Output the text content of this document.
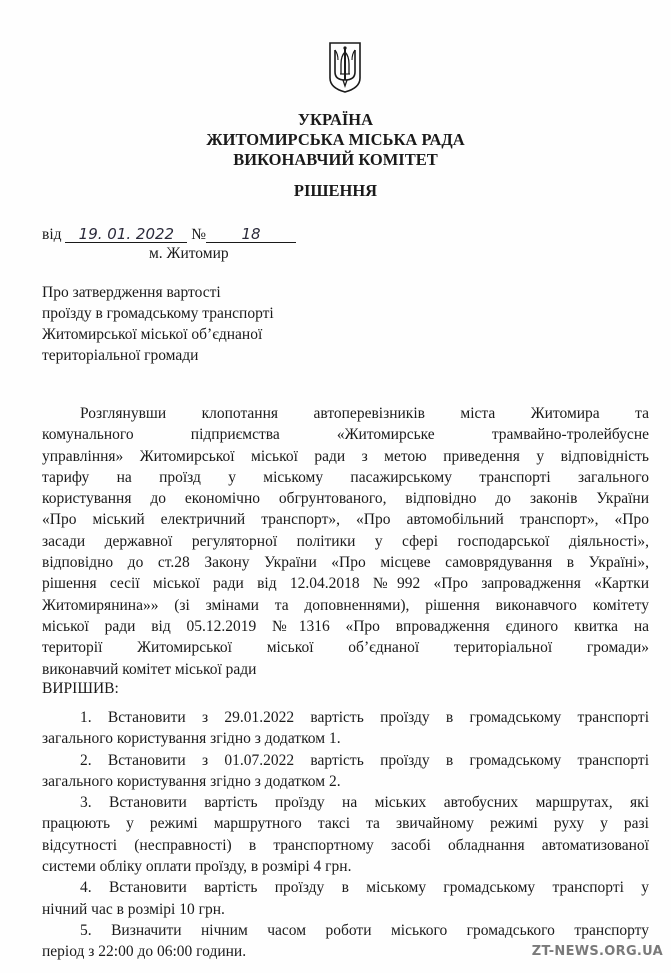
УКРАЇНА
ЖИТОМИРСЬКА МІСЬКА РАДА
ВИКОНАВЧИЙ КОМІТЕТ
РІШЕННЯ
від 19. 01. 2022 № 18
м. Житомир
Про затвердження вартості
проїзду в громадському транспорті
Житомирської міської об’єднаної
територіальної громади
Розглянувши клопотання автоперевізників міста Житомира та
комунального підприємства «Житомирське трамвайно-тролейбусне
управління» Житомирської міської ради з метою приведення у відповідність
тарифу на проїзд у міському пасажирському транспорті загального
користування до економічно обгрунтованого, відповідно до законів України
«Про міський електричний транспорт», «Про автомобільний транспорт», «Про
засади державної регуляторної політики у сфері господарської діяльності»,
відповідно до ст.28 Закону України «Про місцеве самоврядування в Україні»,
рішення сесії міської ради від 12.04.2018 №992 «Про запровадження «Картки
Житомирянина»» (зі змінами та доповненнями), рішення виконавчого комітету
міської ради від 05.12.2019 №1316 «Про впровадження єдиного квитка на
території Житомирської міської об’єднаної територіальної громади»
виконавчий комітет міської ради
ВИРІШИВ:
1. Встановити з 29.01.2022 вартість проїзду в громадському транспорті
загального користування згідно з додатком 1.
2. Встановити з 01.07.2022 вартість проїзду в громадському транспорті
загального користування згідно з додатком 2.
3. Встановити вартість проїзду на міських автобусних маршрутах, які
працюють у режимі маршрутного таксі та звичайному режимі руху у разі
відсутності (несправності) в транспортному засобі обладнання автоматизованої
системи обліку оплати проїзду, в розмірі 4 грн.
4. Встановити вартість проїзду в міському громадському транспорті у
нічний час в розмірі 10 грн.
5. Визначити нічним часом роботи міського громадського транспорту
період з 22:00 до 06:00 години.	ZT-NEWS.ORG.UA
